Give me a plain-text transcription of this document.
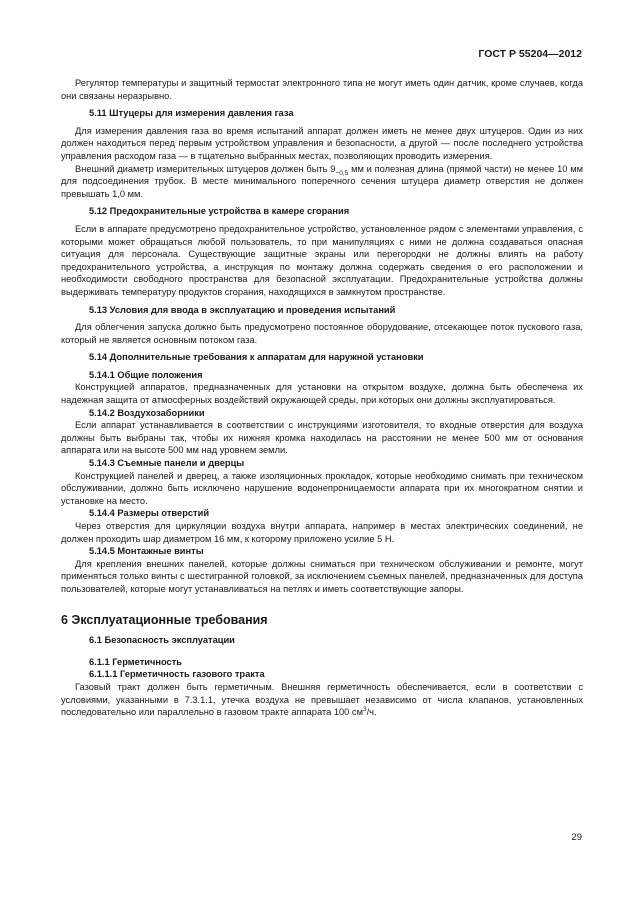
ГОСТ Р 55204—2012

Регулятор температуры и защитный термостат электронного типа не могут иметь один датчик, кроме случаев, когда они связаны неразрывно.

5.11 Штуцеры для измерения давления газа

Для измерения давления газа во время испытаний аппарат должен иметь не менее двух штуцеров. Один из них должен находиться перед первым устройством управления и безопасности, а другой — после последнего устройства управления расходом газа — в тщательно выбранных местах, позволяющих проводить измерения.

Внешний диаметр измерительных штуцеров должен быть $9_{-0,5}$ мм и полезная длина (прямой части) не менее 10 мм для подсоединения трубок. В месте минимального поперечного сечения штуцера диаметр отверстия не должен превышать 1,0 мм.

5.12 Предохранительные устройства в камере сгорания

Если в аппарате предусмотрено предохранительное устройство, установленное рядом с элементами управления, с которыми может обращаться любой пользователь, то при манипуляциях с ними не должна создаваться опасная ситуация для персонала. Существующие защитные экраны или перегородки не должны влиять на работу предохранительного устройства, а инструкция по монтажу должна содержать сведения о его расположении и необходимости свободного пространства для безопасной эксплуатации. Предохранительные устройства должны выдерживать температуру продуктов сгорания, находящихся в замкнутом пространстве.

5.13 Условия для ввода в эксплуатацию и проведения испытаний

Для облегчения запуска должно быть предусмотрено постоянное оборудование, отсекающее поток пускового газа, который не является основным потоком газа.

5.14 Дополнительные требования к аппаратам для наружной установки

5.14.1 Общие положения

Конструкцией аппаратов, предназначенных для установки на открытом воздухе, должна быть обеспечена их надежная защита от атмосферных воздействий окружающей среды, при которых они должны эксплуатироваться.

5.14.2 Воздухозаборники

Если аппарат устанавливается в соответствии с инструкциями изготовителя, то входные отверстия для воздуха должны быть выбраны так, чтобы их нижняя кромка находилась на расстоянии не менее 500 мм от основания аппарата или на высоте 500 мм над уровнем земли.

5.14.3 Съемные панели и дверцы

Конструкцией панелей и дверец, а также изоляционных прокладок, которые необходимо снимать при техническом обслуживании, должно быть исключено нарушение водонепроницаемости аппарата при их многократном снятии и установке на место.

5.14.4 Размеры отверстий

Через отверстия для циркуляции воздуха внутри аппарата, например в местах электрических соединений, не должен проходить шар диаметром 16 мм, к которому приложено усилие 5 Н.

5.14.5 Монтажные винты

Для крепления внешних панелей, которые должны сниматься при техническом обслуживании и ремонте, могут применяться только винты с шестигранной головкой, за исключением съемных панелей, предназначенных для доступа пользователей, которые могут устанавливаться на петлях и иметь соответствующие запоры.

6 Эксплуатационные требования

6.1 Безопасность эксплуатации

6.1.1 Герметичность

6.1.1.1 Герметичность газового тракта

Газовый тракт должен быть герметичным. Внешняя герметичность обеспечивается, если в соответствии с условиями, указанными в 7.3.1.1, утечка воздуха не превышает независимо от числа клапанов, установленных последовательно или параллельно в газовом тракте аппарата 100 $см^3/ч$.

29
